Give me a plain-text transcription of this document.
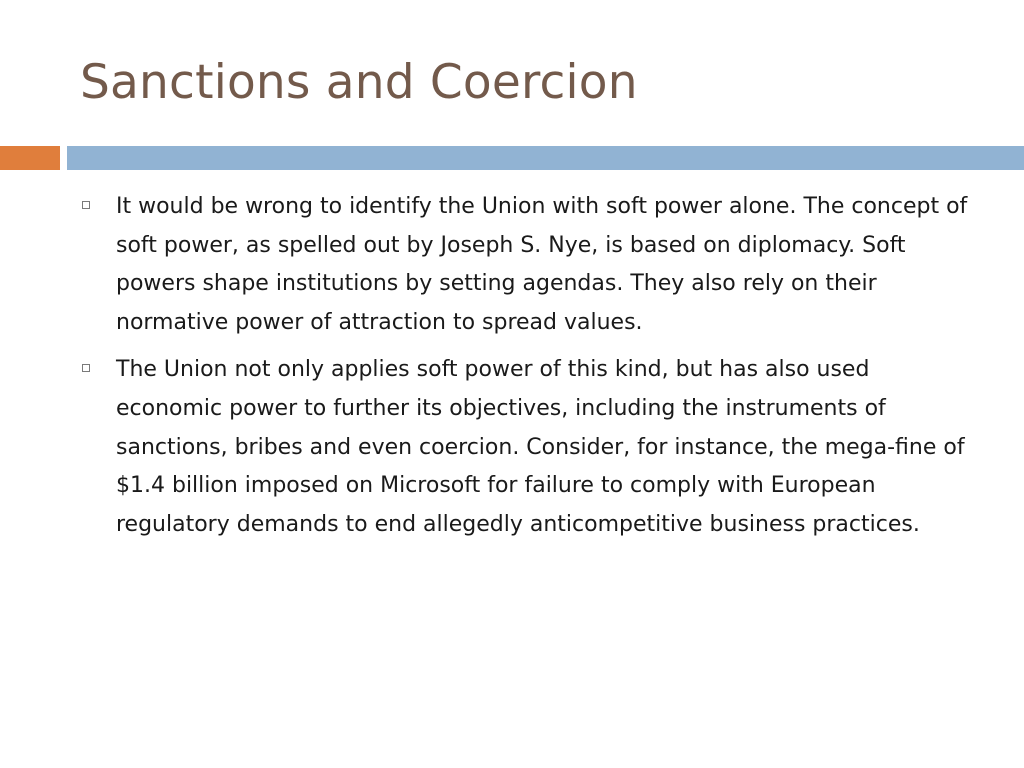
Sanctions and Coercion

It would be wrong to identify the Union with soft power alone. The concept of soft power, as spelled out by Joseph S. Nye, is based on diplomacy. Soft powers shape institutions by setting agendas. They also rely on their normative power of attraction to spread values.

The Union not only applies soft power of this kind, but has also used economic power to further its objectives, including the instruments of sanctions, bribes and even coercion. Consider, for instance, the mega-fine of $1.4 billion imposed on Microsoft for failure to comply with European regulatory demands to end allegedly anticompetitive business practices.
